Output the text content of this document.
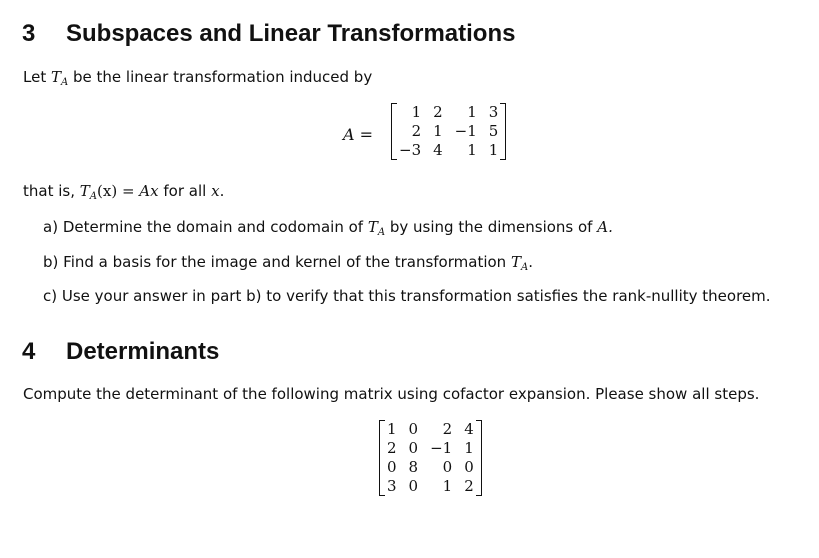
3 Subspaces and Linear Transformations
Let $T_A$ be the linear transformation induced by
A =
1	2	1	3
2	1	−1	5
−3	4	1	1
that is, $T_A(x) = Ax$ for all x.
a) Determine the domain and codomain of $T_A$ by using the dimensions of A.
b) Find a basis for the image and kernel of the transformation $T_A$.
c) Use your answer in part b) to verify that this transformation satisfies the rank-nullity theorem.
4 Determinants
Compute the determinant of the following matrix using cofactor expansion. Please show all steps.
1	0	2	4
2	0	−1	1
0	8	0	0
3	0	1	2
